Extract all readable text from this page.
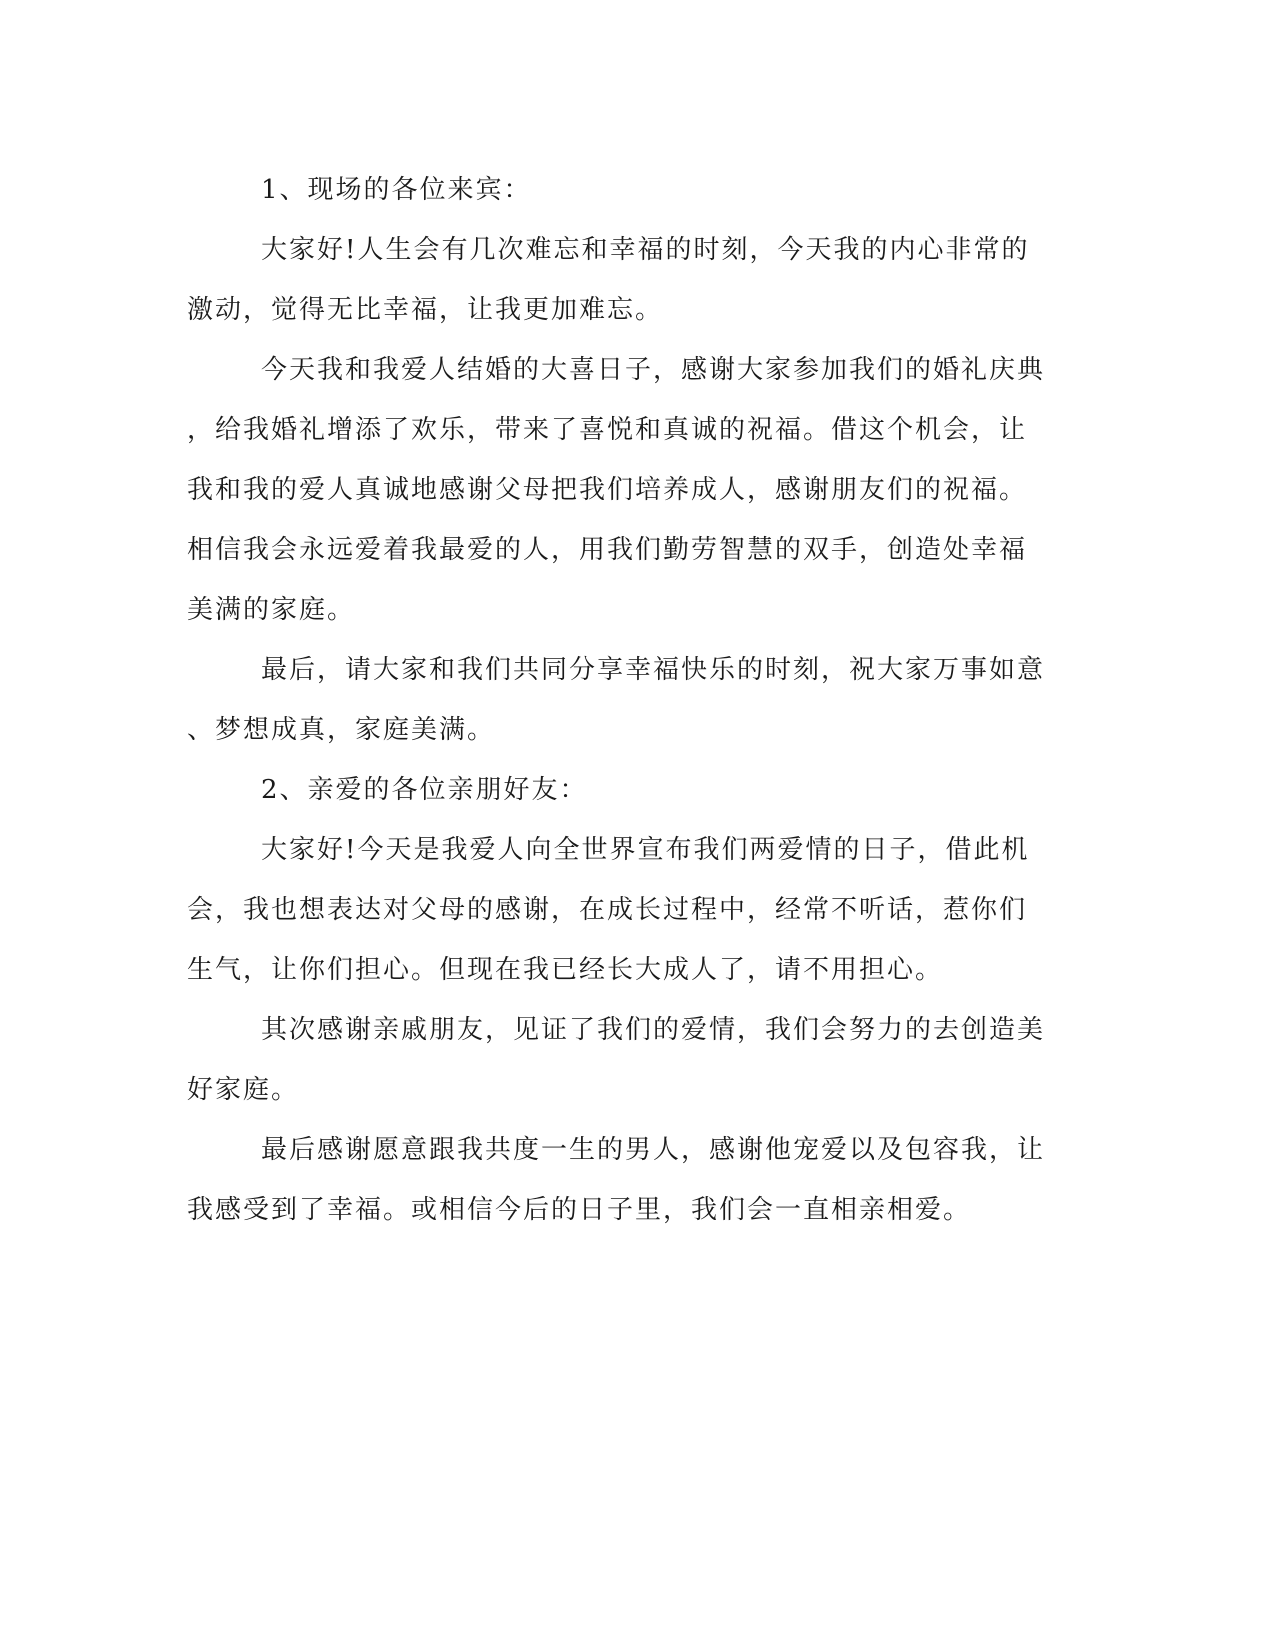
1、现场的各位来宾：
大家好!人生会有几次难忘和幸福的时刻，今天我的内心非常的
激动，觉得无比幸福，让我更加难忘。
今天我和我爱人结婚的大喜日子，感谢大家参加我们的婚礼庆典
，给我婚礼增添了欢乐，带来了喜悦和真诚的祝福。借这个机会，让
我和我的爱人真诚地感谢父母把我们培养成人，感谢朋友们的祝福。
相信我会永远爱着我最爱的人，用我们勤劳智慧的双手，创造处幸福
美满的家庭。
最后，请大家和我们共同分享幸福快乐的时刻，祝大家万事如意
、梦想成真，家庭美满。
2、亲爱的各位亲朋好友：
大家好!今天是我爱人向全世界宣布我们两爱情的日子，借此机
会，我也想表达对父母的感谢，在成长过程中，经常不听话，惹你们
生气，让你们担心。但现在我已经长大成人了，请不用担心。
其次感谢亲戚朋友，见证了我们的爱情，我们会努力的去创造美
好家庭。
最后感谢愿意跟我共度一生的男人，感谢他宠爱以及包容我，让
我感受到了幸福。或相信今后的日子里，我们会一直相亲相爱。
